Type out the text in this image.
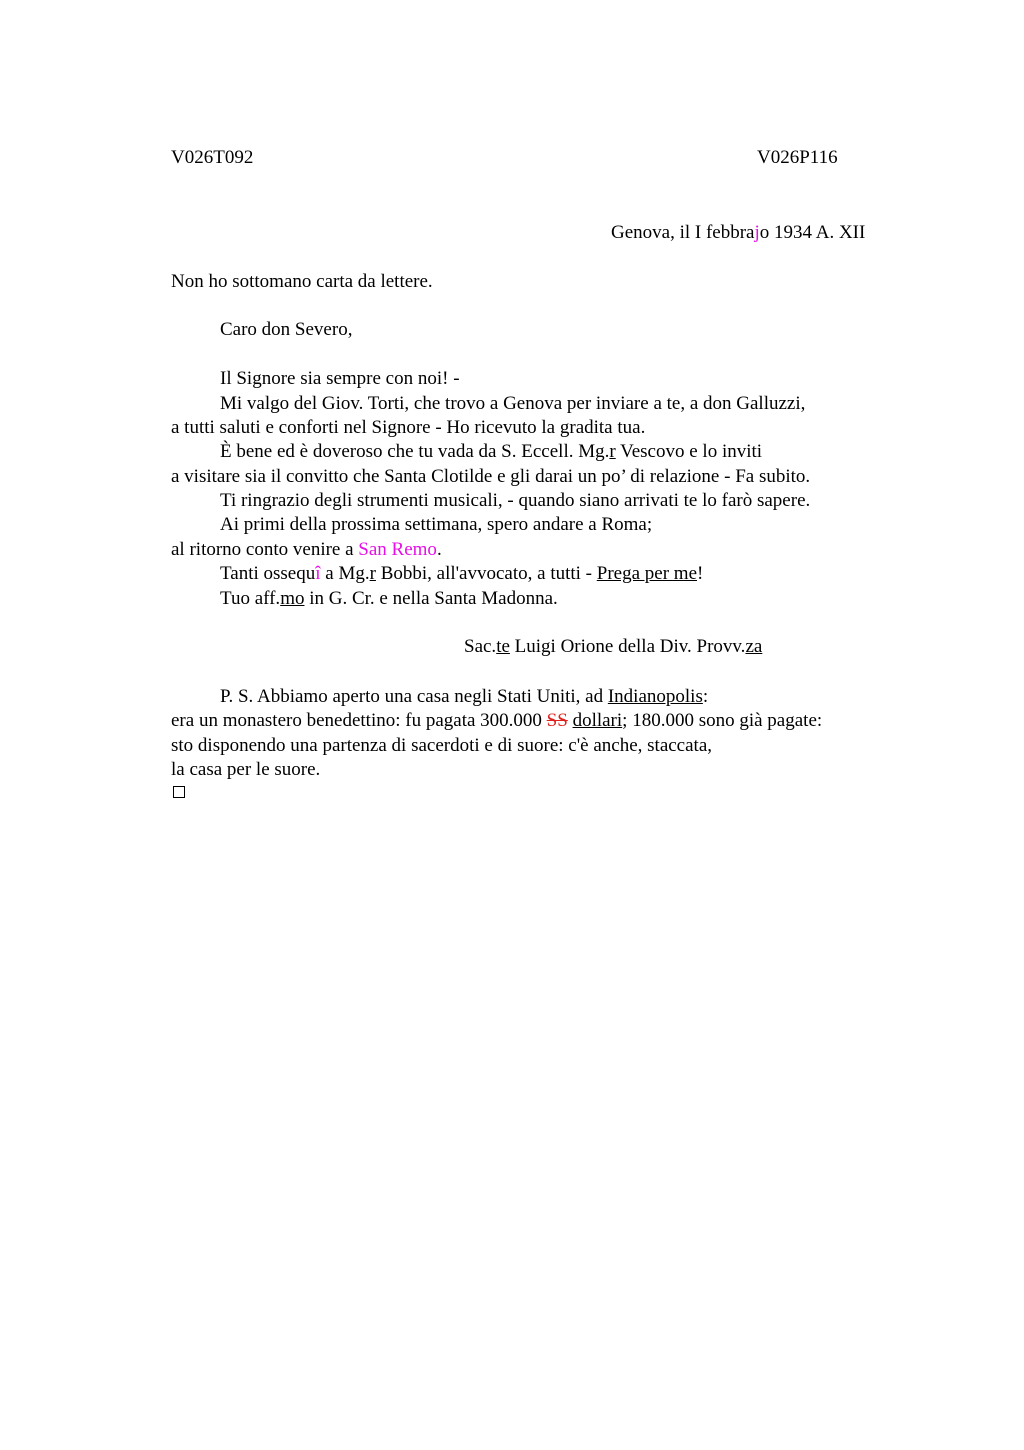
V026T092	V026P116
Genova, il I febbrajo 1934 A. XII
Non ho sottomano carta da lettere.
Caro don Severo,
Il Signore sia sempre con noi! -
Mi valgo del Giov. Torti, che trovo a Genova per inviare a te, a don Galluzzi,
a tutti saluti e conforti nel Signore - Ho ricevuto la gradita tua.
È bene ed è doveroso che tu vada da S. Eccell. Mg.r Vescovo e lo inviti
a visitare sia il convitto che Santa Clotilde e gli darai un po’ di relazione - Fa subito.
Ti ringrazio degli strumenti musicali, - quando siano arrivati te lo farò sapere.
Ai primi della prossima settimana, spero andare a Roma;
al ritorno conto venire a San Remo.
Tanti ossequî a Mg.r Bobbi, all'avvocato, a tutti - Prega per me!
Tuo aff.mo in G. Cr. e nella Santa Madonna.
Sac.te Luigi Orione della Div. Provv.za
P. S. Abbiamo aperto una casa negli Stati Uniti, ad Indianopolis:
era un monastero benedettino: fu pagata 300.000 SS dollari; 180.000 sono già pagate:
sto disponendo una partenza di sacerdoti e di suore: c'è anche, staccata,
la casa per le suore.
